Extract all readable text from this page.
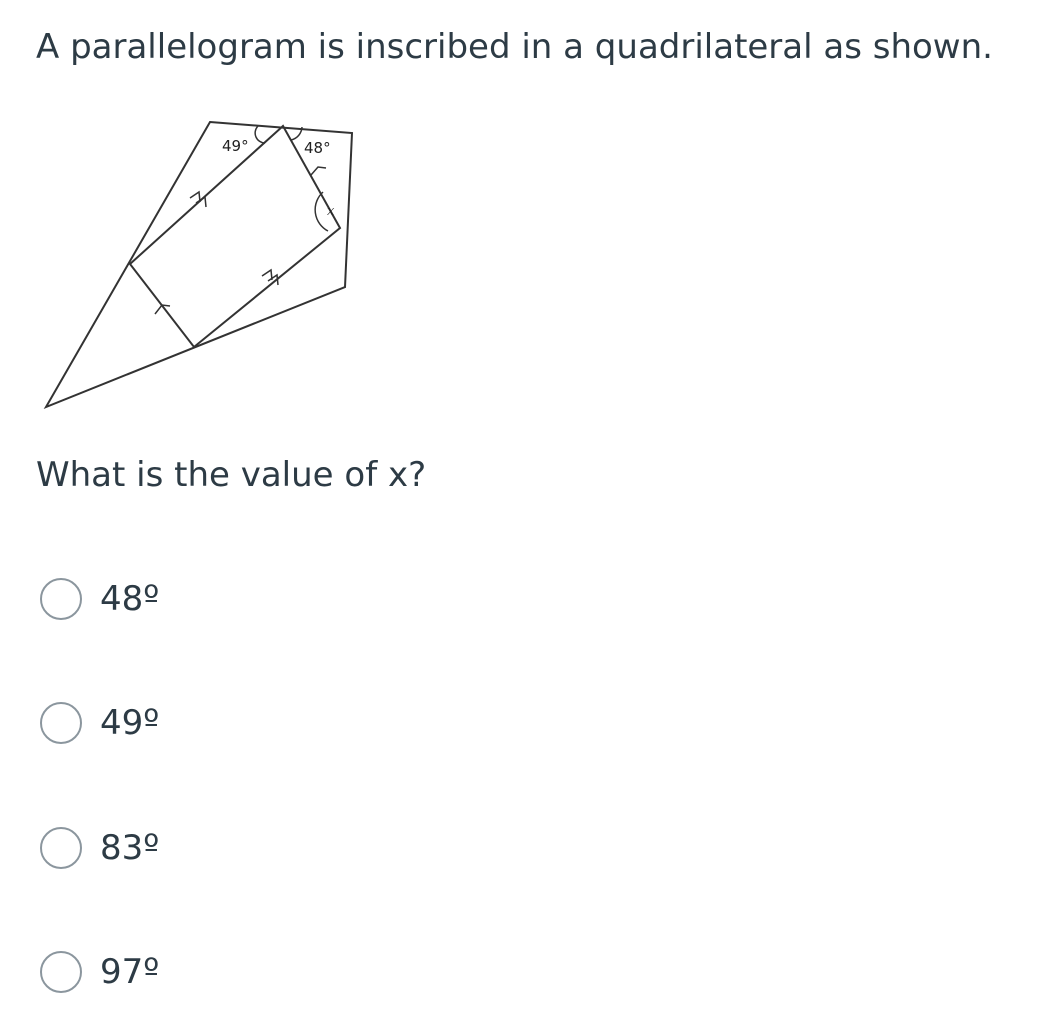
A parallelogram is inscribed in a quadrilateral as shown.
49°	48°
x
What is the value of x?
48º
49º
83º
97º
